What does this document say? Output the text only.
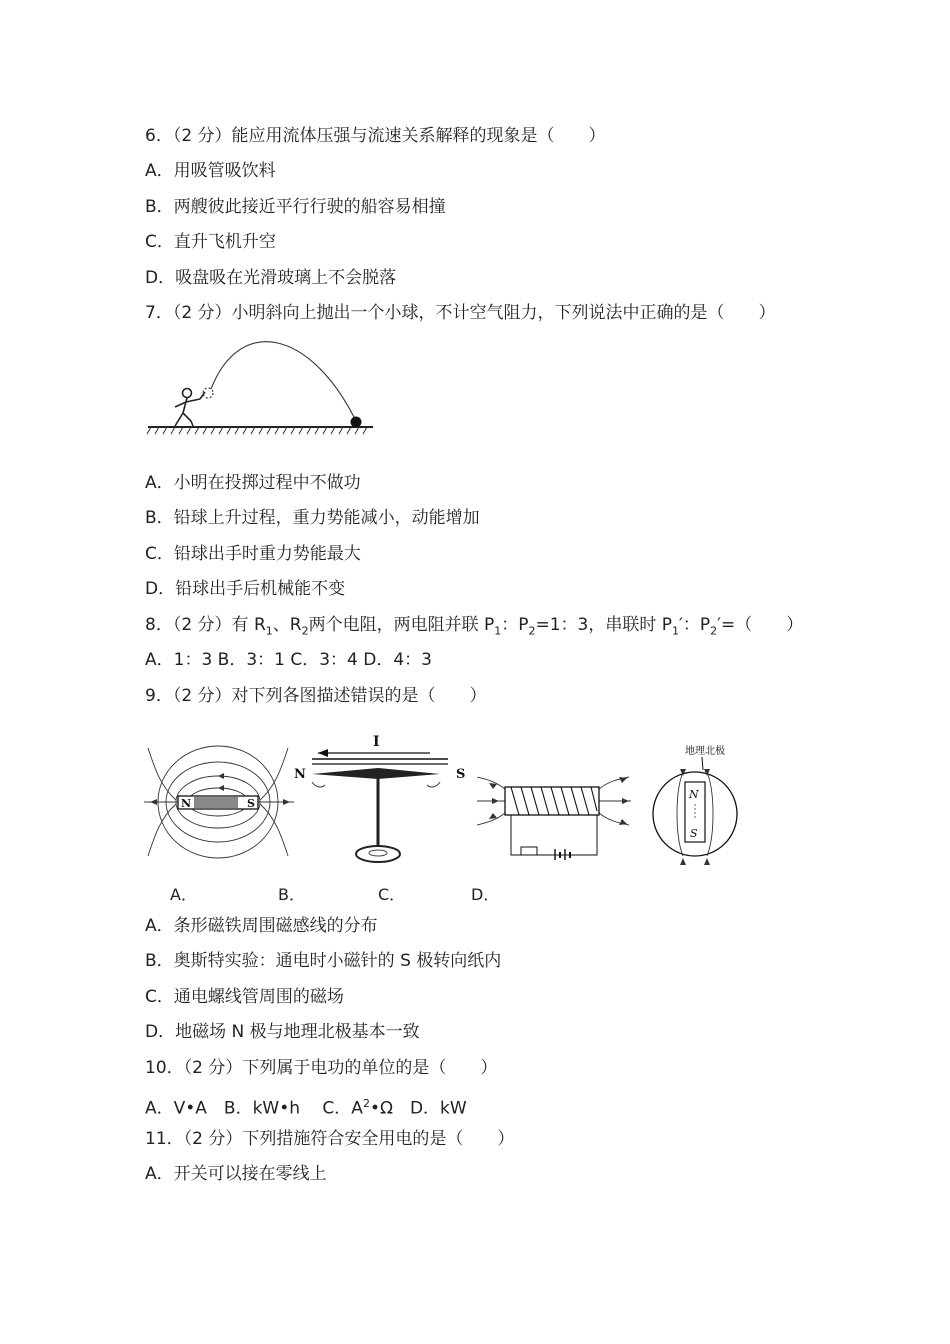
6．（2 分）能应用流体压强与流速关系解释的现象是（　　）
A．用吸管吸饮料
B．两艘彼此接近平行行驶的船容易相撞
C．直升飞机升空
D．吸盘吸在光滑玻璃上不会脱落
7．（2 分）小明斜向上抛出一个小球，不计空气阻力，下列说法中正确的是（　　）
A．小明在投掷过程中不做功
B．铅球上升过程，重力势能减小，动能增加
C．铅球出手时重力势能最大
D．铅球出手后机械能不变
8．（2 分）有 $R_1$、$R_2$两个电阻，两电阻并联 $P_1$：$P_2=1$：3，串联时 $P_1'$：$P_2'=$（　　）
A．1：3 B．3：1 C．3：4 D．4：3
9．（2 分）对下列各图描述错误的是（　　）
N	S
I
N	S
地理北极
N
S
A．	B．	C．	D．
A．条形磁铁周围磁感线的分布
B．奥斯特实验：通电时小磁针的 S 极转向纸内
C．通电螺线管周围的磁场
D．地磁场 N 极与地理北极基本一致
10．（2 分）下列属于电功的单位的是（　　）
A．V•A　B．kW•h　 C．$A^2•\Omega$　D．kW
11．（2 分）下列措施符合安全用电的是（　　）
A．开关可以接在零线上
